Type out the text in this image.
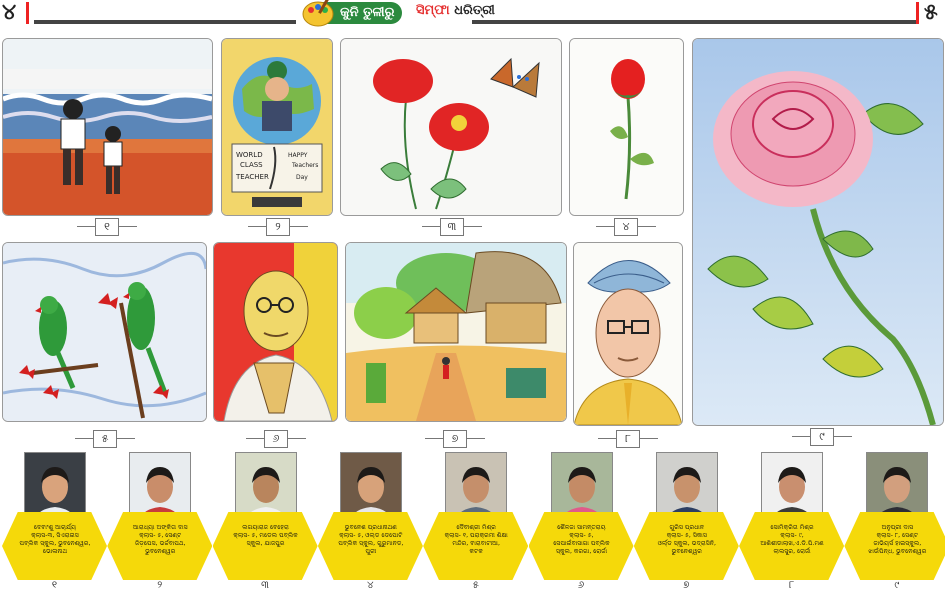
୪	କୁନି ତୁଳୀରୁ	ସିମ୍ଫା ଧରିତ୍ରୀ	୫
୧
WORLD
CLASS
TEACHER
HAPPY
Teachers
Day
୨	୩	୪
୯
୫	୬	୭	୮
ଦେବାଂଶୁ ଆଚାର୍ଯ୍ୟ
କ୍ଲାସ-୩, ସିଏରାଇସ
ପବ୍ଲିକ ସ୍କୁଲ, ଭୁବନେଶ୍ୱର,
ଭୋଳାନାଥ
୧
ଆରାଧ୍ୟା ଅଙ୍କିତା ଦାସ
କ୍ଲାସ- ୫, ସେଣ୍ଟ
ଜିଡ଼ପେସ, ଭର୍ଚ୍ଚବାପଥ,
ଭୁବନେଶ୍ୱର
୨
ଲଗୟାରାଜ ବେହେରା
କ୍ଲାସ- ୫, ମଡେଲ ପବ୍ଲିକ
ସ୍କୁଲ, ଯାଜପୁର
୩
ଭୁବନେଶ ପ୍ରଧାନାଥଣ
କ୍ଲାସ- ୫, ଓଲ୍ଡ ଡେପୋଟି
ପବ୍ଲିକ ସ୍କୁଲ, ଗୁରୁମାନଡ,
ପୁରୀ
୪
ଦୈବୀଶ୍ରୀ ମିଶ୍ର
କ୍ଲାସ- ୧, ପରାକ୍ରମୀ ଶିକ୍ଷା
ମନ୍ଦିର, ବାରାବାଟୀଆ,
କଟକ
୫
ଶୈଳଜା ସାମନ୍ତରାୟ
କ୍ଲାସ- ୫,
ସେପାଇଁବାସାଗା ପବ୍ଲିକ
ସ୍କୁଲ, କରଗା, ରୋର୍ଜା
୬
ଗୁରିସ ପ୍ରଧାନ
କ୍ଲାସ- ୫, ସିକାସ
ଓର୍ଲ୍ଡ ସ୍କୁଲ, ଭଦ୍ରାସିନି,
ଭୁବନେଶ୍ୱର
୭
ସୋମିକ୍ରିତା ମିଶ୍ର
କ୍ଲାସ- ୯,
ଆଶିଶୀଡାଲାଖ,ଏ.ଡି.ପି.ମଣ
ଲାଲସୁର, ରୋର୍ଜା
୮
ଅନୁପ୍ରୀ ଦାସ
କ୍ଲାସ- ୮, ସେଣ୍ଟ
ଜାଭିୟର୍ସ ହାଇସ୍କୁଲ,
ଝାଉଁପିନ୍ଧ, ଭୁବନେଶ୍ୱର
୯
